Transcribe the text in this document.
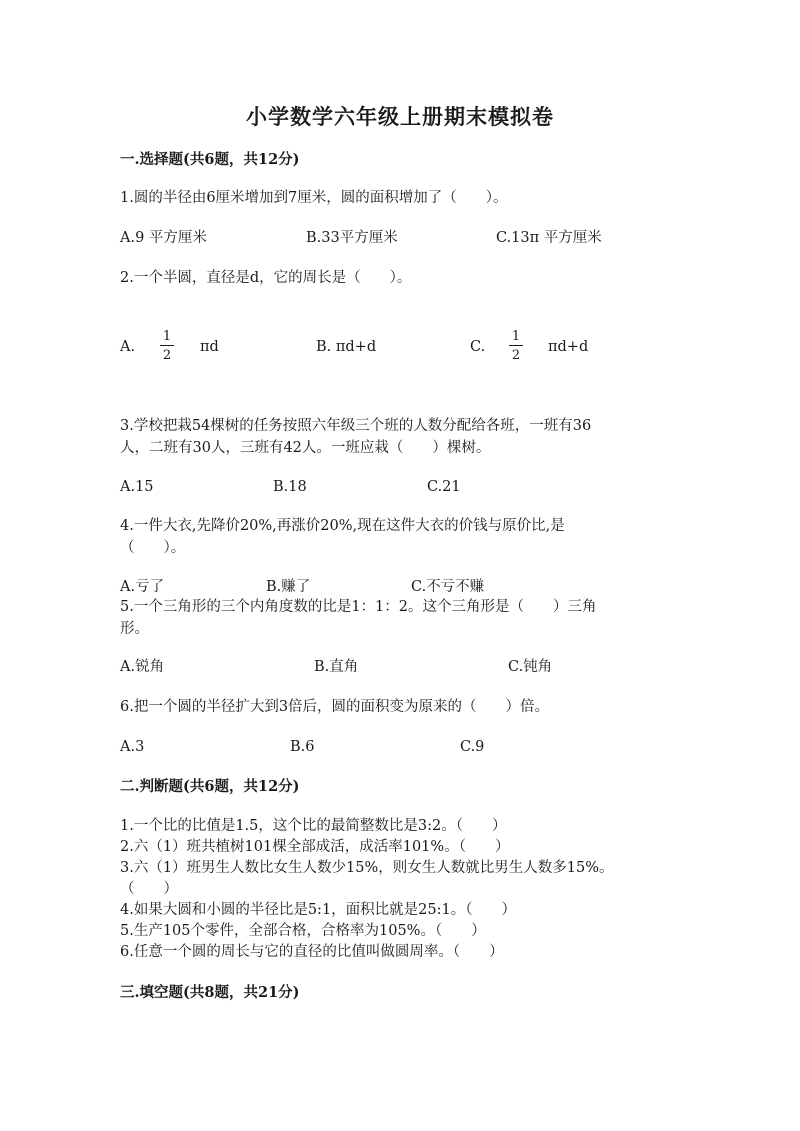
小学数学六年级上册期末模拟卷
一.选择题(共6题，共12分)
1.圆的半径由6厘米增加到7厘米，圆的面积增加了（　　）。
A.9 平方厘米	B.33平方厘米	C.13π 平方厘米
2.一个半圆，直径是d，它的周长是（　　）。
A.
1
2
πd	B. πd+d	C.
1
2
πd+d
3.学校把栽54棵树的任务按照六年级三个班的人数分配给各班，一班有36
人，二班有30人，三班有42人。一班应栽（　　）棵树。
A.15	B.18	C.21
4.一件大衣,先降价20%,再涨价20%,现在这件大衣的价钱与原价比,是
（　　）。
A.亏了	B.赚了	C.不亏不赚
5.一个三角形的三个内角度数的比是1：1：2。这个三角形是（　　）三角
形。
A.锐角	B.直角	C.钝角
6.把一个圆的半径扩大到3倍后，圆的面积变为原来的（　　）倍。
A.3	B.6	C.9
二.判断题(共6题，共12分)
1.一个比的比值是1.5，这个比的最简整数比是3:2。（　　）
2.六（1）班共植树101棵全部成活，成活率101%。（　　）
3.六（1）班男生人数比女生人数少15%，则女生人数就比男生人数多15%。
（　　）
4.如果大圆和小圆的半径比是5:1，面积比就是25:1。（　　）
5.生产105个零件，全部合格，合格率为105%。（　　）
6.任意一个圆的周长与它的直径的比值叫做圆周率。（　　）
三.填空题(共8题，共21分)
